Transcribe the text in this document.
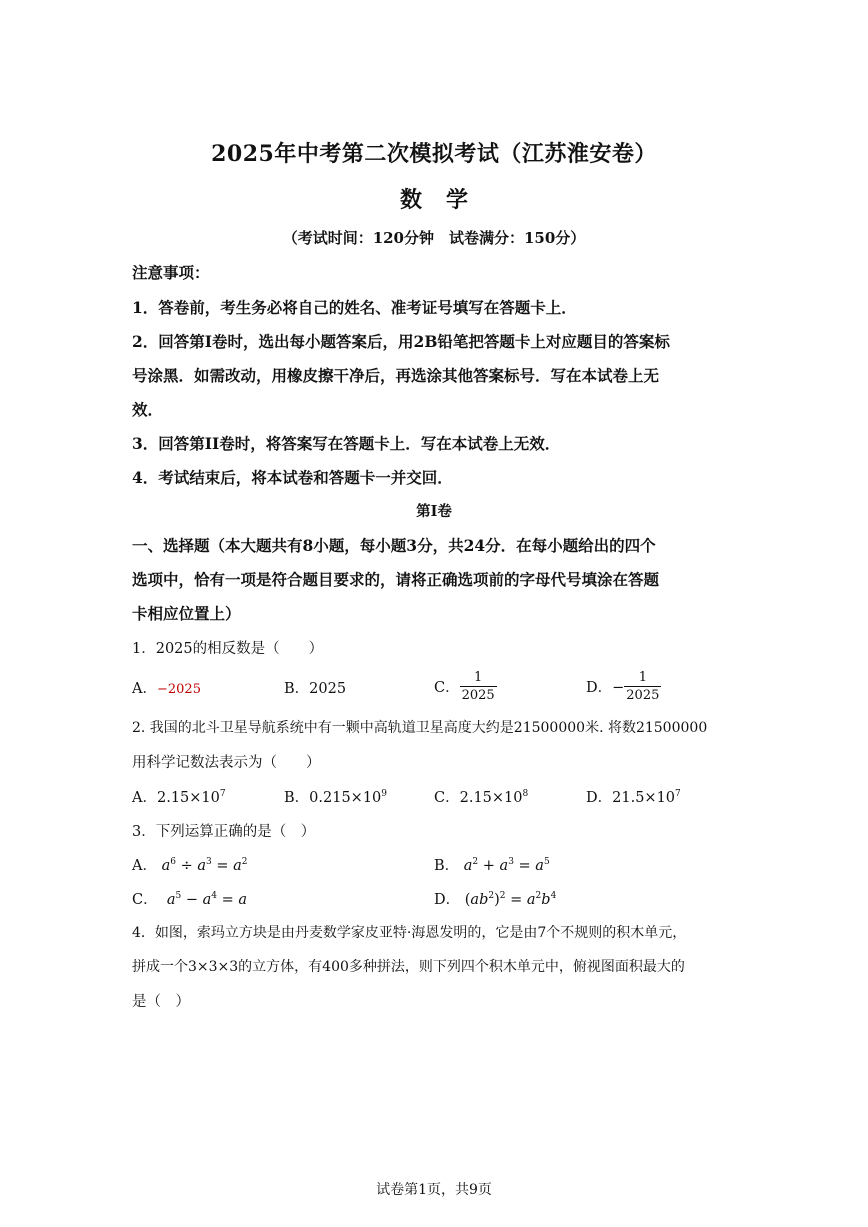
2025年中考第二次模拟考试（江苏淮安卷）
数学
（考试时间：120分钟　试卷满分：150分）
注意事项：
1．答卷前，考生务必将自己的姓名、准考证号填写在答题卡上．
2．回答第I卷时，选出每小题答案后，用2B铅笔把答题卡上对应题目的答案标
号涂黑．如需改动，用橡皮擦干净后，再选涂其他答案标号．写在本试卷上无
效．
3．回答第II卷时，将答案写在答题卡上．写在本试卷上无效．
4．考试结束后，将本试卷和答题卡一并交回．
第I卷
一、选择题（本大题共有8小题，每小题3分，共24分．在每小题给出的四个
选项中，恰有一项是符合题目要求的，请将正确选项前的字母代号填涂在答题
卡相应位置上）
1．2025的相反数是（　　）
A．−2025	B．2025	C． $\frac{1}{2025}$	D．− $\frac{1}{2025}$
2. 我国的北斗卫星导航系统中有一颗中高轨道卫星高度大约是21500000米. 将数21500000
用科学记数法表示为（　　）
A．$2.15\times 10^7$	B．$0.215\times 10^9$	C．$2.15\times 10^8$	D．$21.5\times 10^7$
3．下列运算正确的是（　）
A． $a^6 \div a^3 = a^2$	B． $a^2 + a^3 = a^5$
C． $a^5 - a^4 = a$	D． $(ab^2)^2 = a^2b^4$
4．如图，索玛立方块是由丹麦数学家皮亚特·海恩发明的，它是由7个不规则的积木单元，
拼成一个3×3×3的立方体，有400多种拼法，则下列四个积木单元中，俯视图面积最大的
是（　）
试卷第1页，共9页
